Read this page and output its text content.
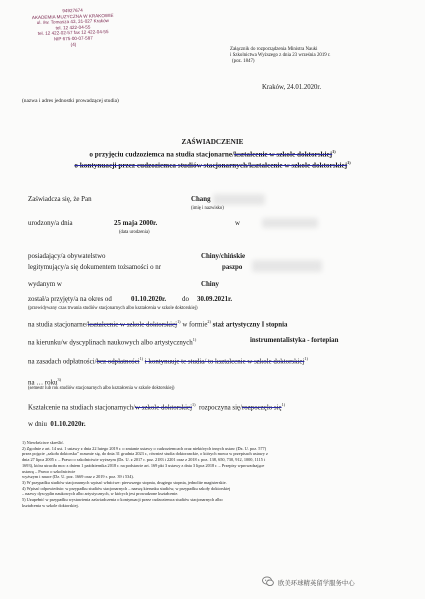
94927674
AKADEMIA MUZYCZNA W KRAKOWIE
ul. św. Tomasza 43, 31-027 Kraków
tel. 12 422-04-55
tel. 12 422-02-57 fax 12 422-04-55
NIP 675-00-07-587
(4)
Załącznik do rozporządzenia Ministra Nauki
i Szkolnictwa Wyższego z dnia 23 września 2019 r.
(poz. 1847)
Kraków, 24.01.2020r.
(nazwa i adres jednostki prowadzącej studia)
ZAŚWIADCZENIE
o przyjęciu cudzoziemca na studia stacjonarne/kształcenie w szkole doktorskiej$^{1)}$
o kontynuacji przez cudzoziemca studiów stacjonarnych/kształcenie w szkole doktorskiej$^{1)}$
Zaświadcza się, że Pan	Chang
(imię i nazwisko)
urodzony/a dnia	25 maja 2000r.	w
(data urodzenia)
posiadający/a obywatelstwo	Chiny/chińskie
legitymujący/a się dokumentem tożsamości o nr	paszpo
wydanym w	Chiny
został/a przyjęty/a na okres od	01.10.2020r. do 30.09.2021r.
(przewidywany czas trwania studiów stacjonarnych albo kształcenia w szkole doktorskiej)
na studia stacjonarne/kształcenie w szkole doktorskiej$^{1)}$ w formie$^{2)}$ staż artystyczny I stopnia
na kierunku/w dyscyplinach naukowych albo artystycznych$^{1)}$	instrumentalistyka - fortepian
na zasadach odpłatności/bez odpłatności$^{1)}$ i kontynuuje te studia/ to kształcenie w szkole doktorskiej$^{1)}$
na … roku$^{3)}$
(semestr lub rok studiów stacjonarnych albo kształcenia w szkole doktorskiej)
Kształcenie na studiach stacjonarnych/w szkole doktorskiej$^{1)}$ rozpoczyna się/rozpoczęło się$^{1)}$
w dniu 01.10.2020r.
1) Niewłaściwe skreślić.
2) Zgodnie z art. 14 ust. 1 ustawy z dnia 22 lutego 2019 r. o zmianie ustawy o cudzoziemcach oraz niektórych innych ustaw (Dz. U. poz. 577)
przez pojęcie „szkoła doktorska” rozumie się, do dnia 31 grudnia 2023 r., również studia doktoranckie, o których mowa w przepisach ustawy z
dnia 27 lipca 2005 r. – Prawo o szkolnictwie wyższym (Dz. U. z 2017 r. poz. 2183 i 2201 oraz z 2018 r. poz. 138, 650, 730, 912, 1000, 1115 i
1693), która utraciła moc z dniem 1 października 2018 r. na podstawie art. 169 pkt 3 ustawy z dnia 3 lipca 2018 r. – Przepisy wprowadzające
ustawę – Prawo o szkolnictwie
wyższym i nauce (Dz. U. poz. 1669 oraz z 2019 r. poz. 39 i 534).
3) W przypadku studiów stacjonarnych wpisać właściwe: pierwszego stopnia, drugiego stopnia, jednolite magisterskie.
4) Wpisać odpowiednio: w przypadku studiów stacjonarnych – nazwę kierunku studiów, w przypadku szkoły doktorskiej
– nazwy dyscyplin naukowych albo artystycznych, w których jest prowadzone kształcenie.
5) Uzupełnić w przypadku wystawienia zaświadczenia o kontynuacji przez cudzoziemca studiów stacjonarnych albo
kształcenia w szkole doktorskiej.
欧美环球精英留学服务中心
